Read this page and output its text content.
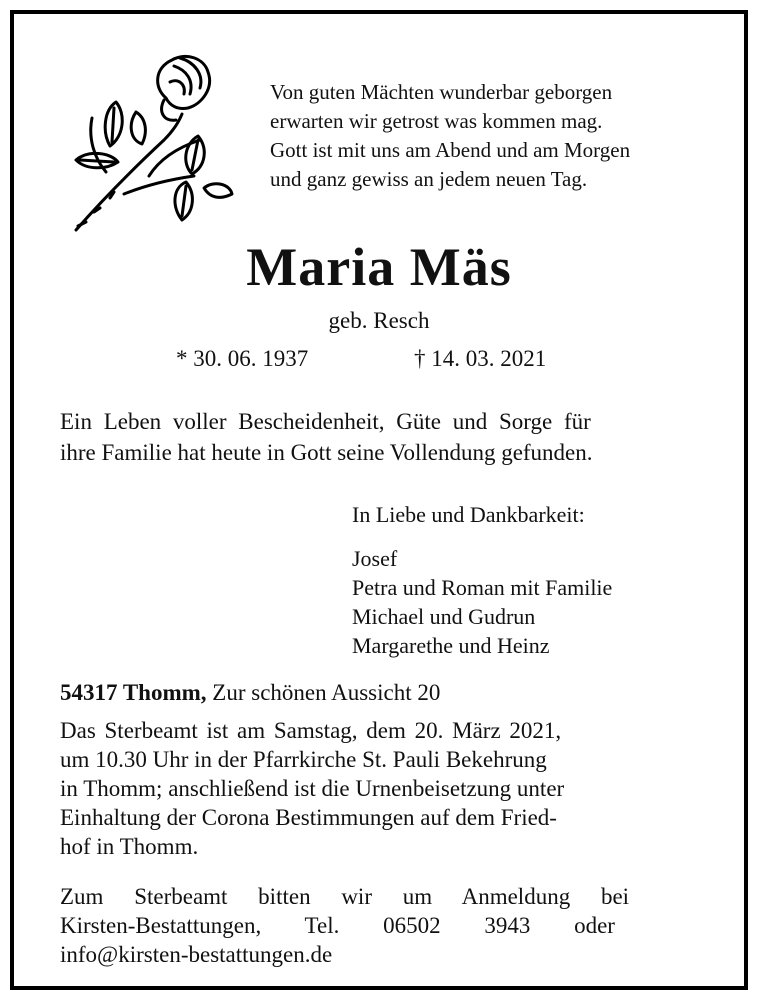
Von guten Mächten wunderbar geborgen
erwarten wir getrost was kommen mag.
Gott ist mit uns am Abend und am Morgen
und ganz gewiss an jedem neuen Tag.
Maria Mäs
geb. Resch
* 30. 06. 1937	† 14. 03. 2021
Ein Leben voller Bescheidenheit, Güte und Sorge für
ihre Familie hat heute in Gott seine Vollendung gefunden.
In Liebe und Dankbarkeit:
Josef
Petra und Roman mit Familie
Michael und Gudrun
Margarethe und Heinz
54317 Thomm, Zur schönen Aussicht 20
Das Sterbeamt ist am Samstag, dem 20. März 2021,
um 10.30 Uhr in der Pfarrkirche St. Pauli Bekehrung
in Thomm; anschließend ist die Urnenbeisetzung unter
Einhaltung der Corona Bestimmungen auf dem Fried-
hof in Thomm.
Zum Sterbeamt bitten wir um Anmeldung bei
Kirsten-Bestattungen, Tel. 06502 3943 oder
info@kirsten-bestattungen.de
